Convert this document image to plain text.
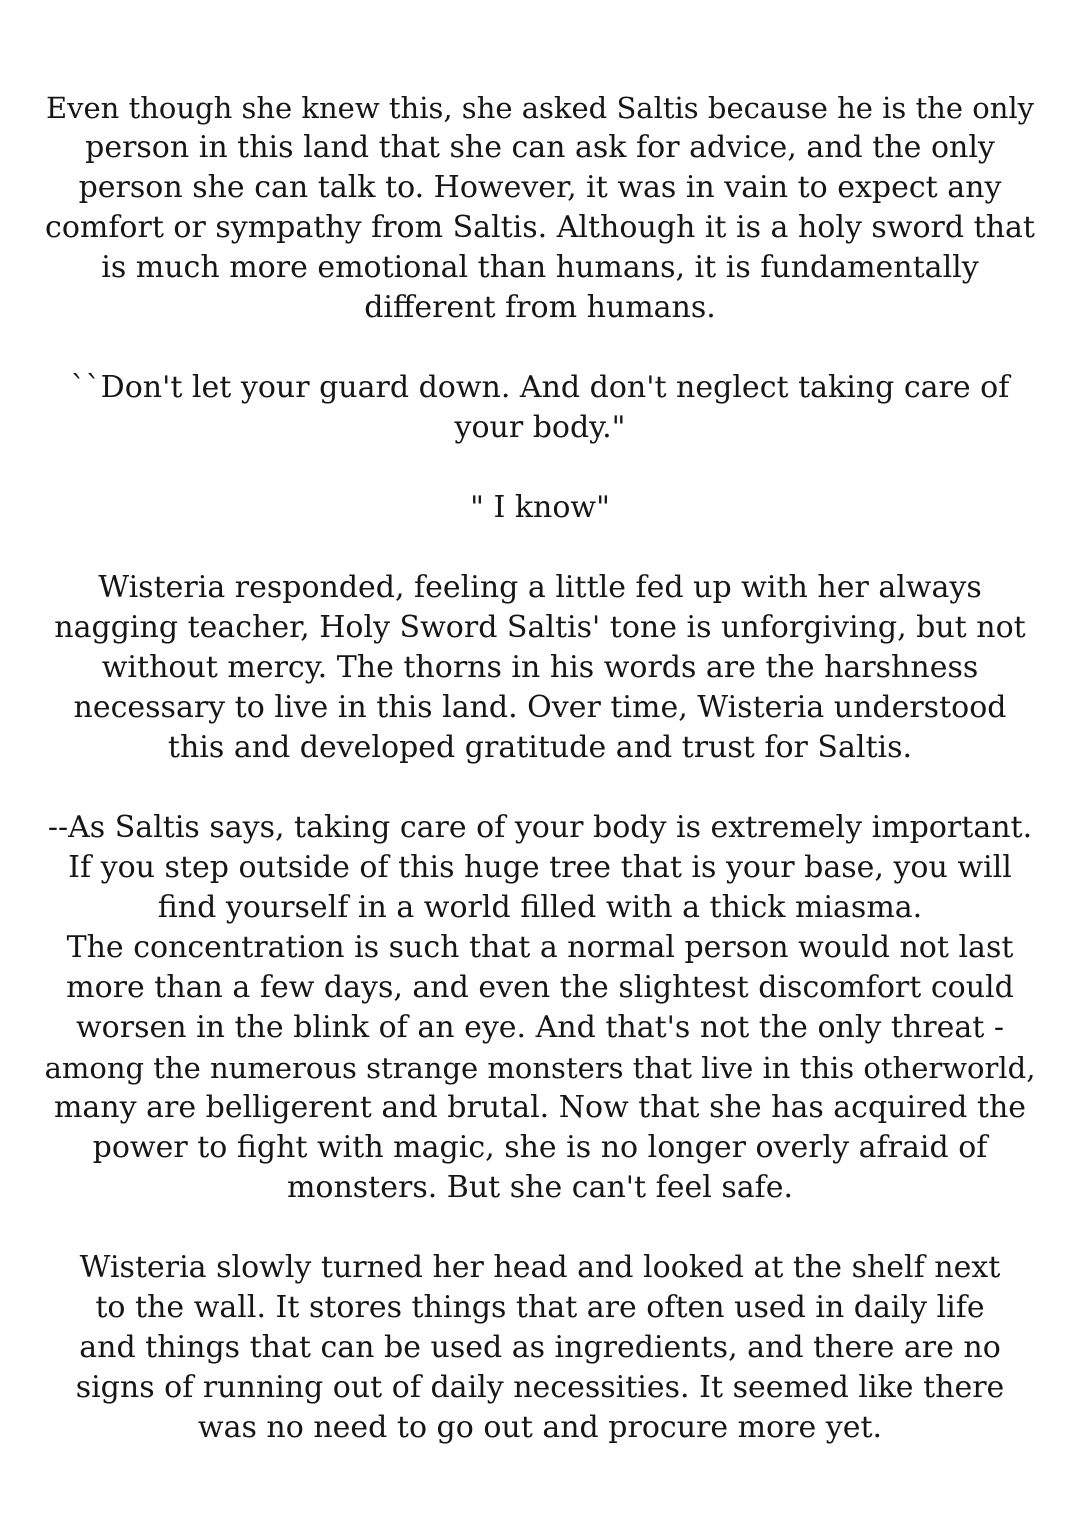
Even though she knew this, she asked Saltis because he is the only
person in this land that she can ask for advice, and the only
person she can talk to. However, it was in vain to expect any
comfort or sympathy from Saltis. Although it is a holy sword that
is much more emotional than humans, it is fundamentally
different from humans.

``Don't let your guard down. And don't neglect taking care of
your body."

" I know"

Wisteria responded, feeling a little fed up with her always
nagging teacher, Holy Sword Saltis' tone is unforgiving, but not
without mercy. The thorns in his words are the harshness
necessary to live in this land. Over time, Wisteria understood
this and developed gratitude and trust for Saltis.

--As Saltis says, taking care of your body is extremely important.
If you step outside of this huge tree that is your base, you will
find yourself in a world filled with a thick miasma.
The concentration is such that a normal person would not last
more than a few days, and even the slightest discomfort could
worsen in the blink of an eye. And that's not the only threat -
among the numerous strange monsters that live in this otherworld,
many are belligerent and brutal. Now that she has acquired the
power to fight with magic, she is no longer overly afraid of
monsters. But she can't feel safe.

Wisteria slowly turned her head and looked at the shelf next
to the wall. It stores things that are often used in daily life
and things that can be used as ingredients, and there are no
signs of running out of daily necessities. It seemed like there
was no need to go out and procure more yet.
